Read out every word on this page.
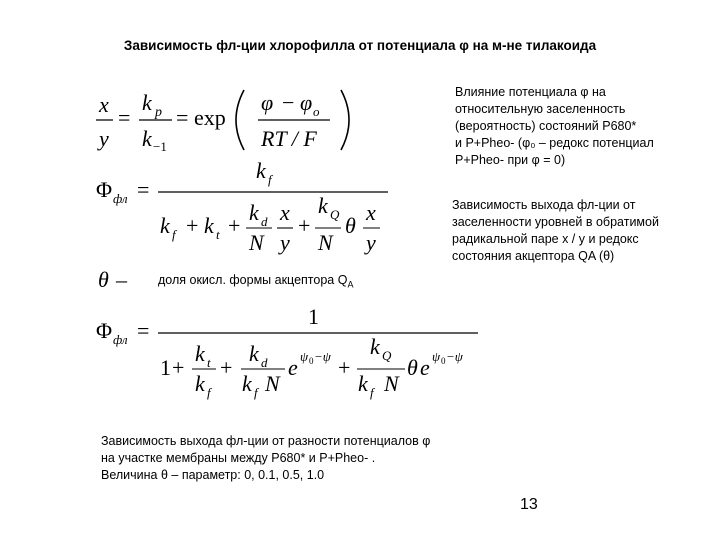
Зависимость фл-ции хлорофилла от потенциала φ на м-не тилакоида

Влияние потенциала φ на

относительную заселенность

(вероятность) состояний P680*

и P+Pheo- (φ₀ – редокс потенциал

P+Pheo- при φ = 0)

Зависимость выхода фл-ции от

заселенности уровней в обратимой

радикальной паре x / y и редокс

состояния акцептора QA (θ)

доля окисл. формы акцептора $Q_A$

Зависимость выхода фл-ции от разности потенциалов φ

на участке мембраны между P680* и P+Pheo- .

Величина θ – параметр: 0, 0.1, 0.5, 1.0

13
x
y
=
k p
k −1
= exp
φ − φ o
RT / F
Φ фл =
k f
k f + k t +
k d
N
x
y
+
k Q
N
θ
x
y
θ –
Φ фл =
1
1 +
k t
k f
+
k d
k f N
e ψ 0 −ψ +
k Q
k f N
θ e ψ 0 −ψ
